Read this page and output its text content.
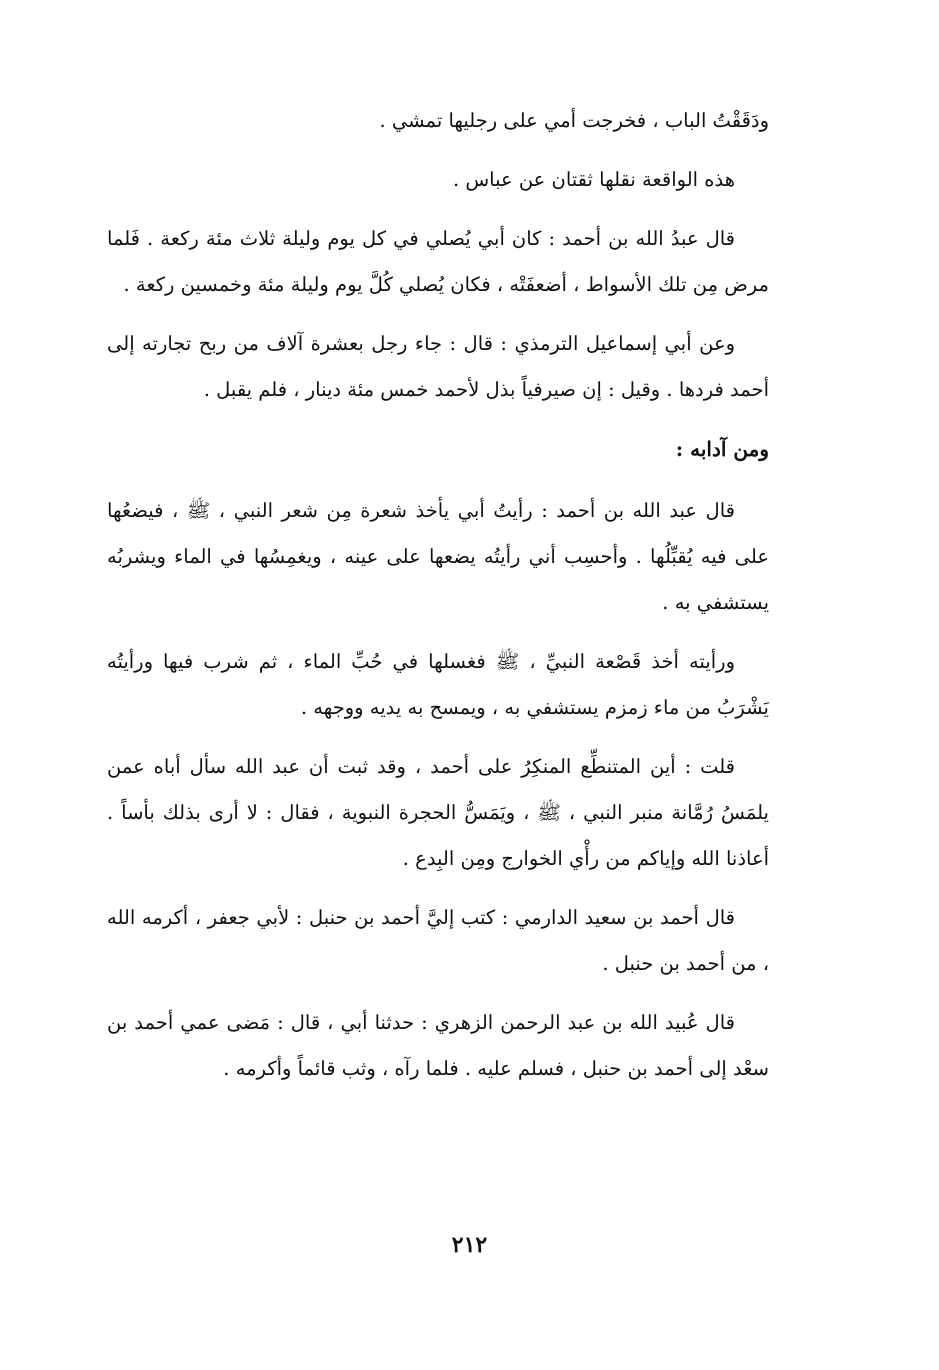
ودَقَقْتُ الباب ، فخرجت أمي على رجليها تمشي .

هذه الواقعة نقلها ثقتان عن عباس .

قال عبدُ الله بن أحمد : كان أبي يُصلي في كل يوم وليلة ثلاث مئة ركعة . فَلما مرض مِن تلك الأسواط ، أضعفَتْه ، فكان يُصلي كُلَّ يوم وليلة مئة وخمسين ركعة .

وعن أبي إسماعيل الترمذي : قال : جاء رجل بعشرة آلاف من ربح تجارته إلى أحمد فردها . وقيل : إن صيرفياً بذل لأحمد خمس مئة دينار ، فلم يقبل .

ومن آدابه :

قال عبد الله بن أحمد : رأيتُ أبي يأخذ شعرة مِن شعر النبي ، ﷺ ، فيضعُها على فيه يُقبِّلُها . وأحسِب أني رأيتُه يضعها على عينه ، ويغمِسُها في الماء ويشربُه يستشفي به .

ورأيته أخذ قَصْعة النبيِّ ، ﷺ فغسلها في حُبِّ الماء ، ثم شرب فيها ورأيتُه يَشْرَبُ من ماء زمزم يستشفي به ، ويمسح به يديه ووجهه .

قلت : أين المتنطِّع المنكِرُ على أحمد ، وقد ثبت أن عبد الله سأل أباه عمن يلمَسُ رُمَّانة منبر النبي ، ﷺ ، ويَمَسُّ الحجرة النبوية ، فقال : لا أرى بذلك بأساً . أعاذنا الله وإياكم من رأْي الخوارج ومِن البِدع .

قال أحمد بن سعيد الدارمي : كتب إليَّ أحمد بن حنبل : لأبي جعفر ، أكرمه الله ، من أحمد بن حنبل .

قال عُبيد الله بن عبد الرحمن الزهري : حدثنا أبي ، قال : مَضى عمي أحمد بن سعْد إلى أحمد بن حنبل ، فسلم عليه . فلما رآه ، وثب قائماً وأكرمه .

٢١٢
